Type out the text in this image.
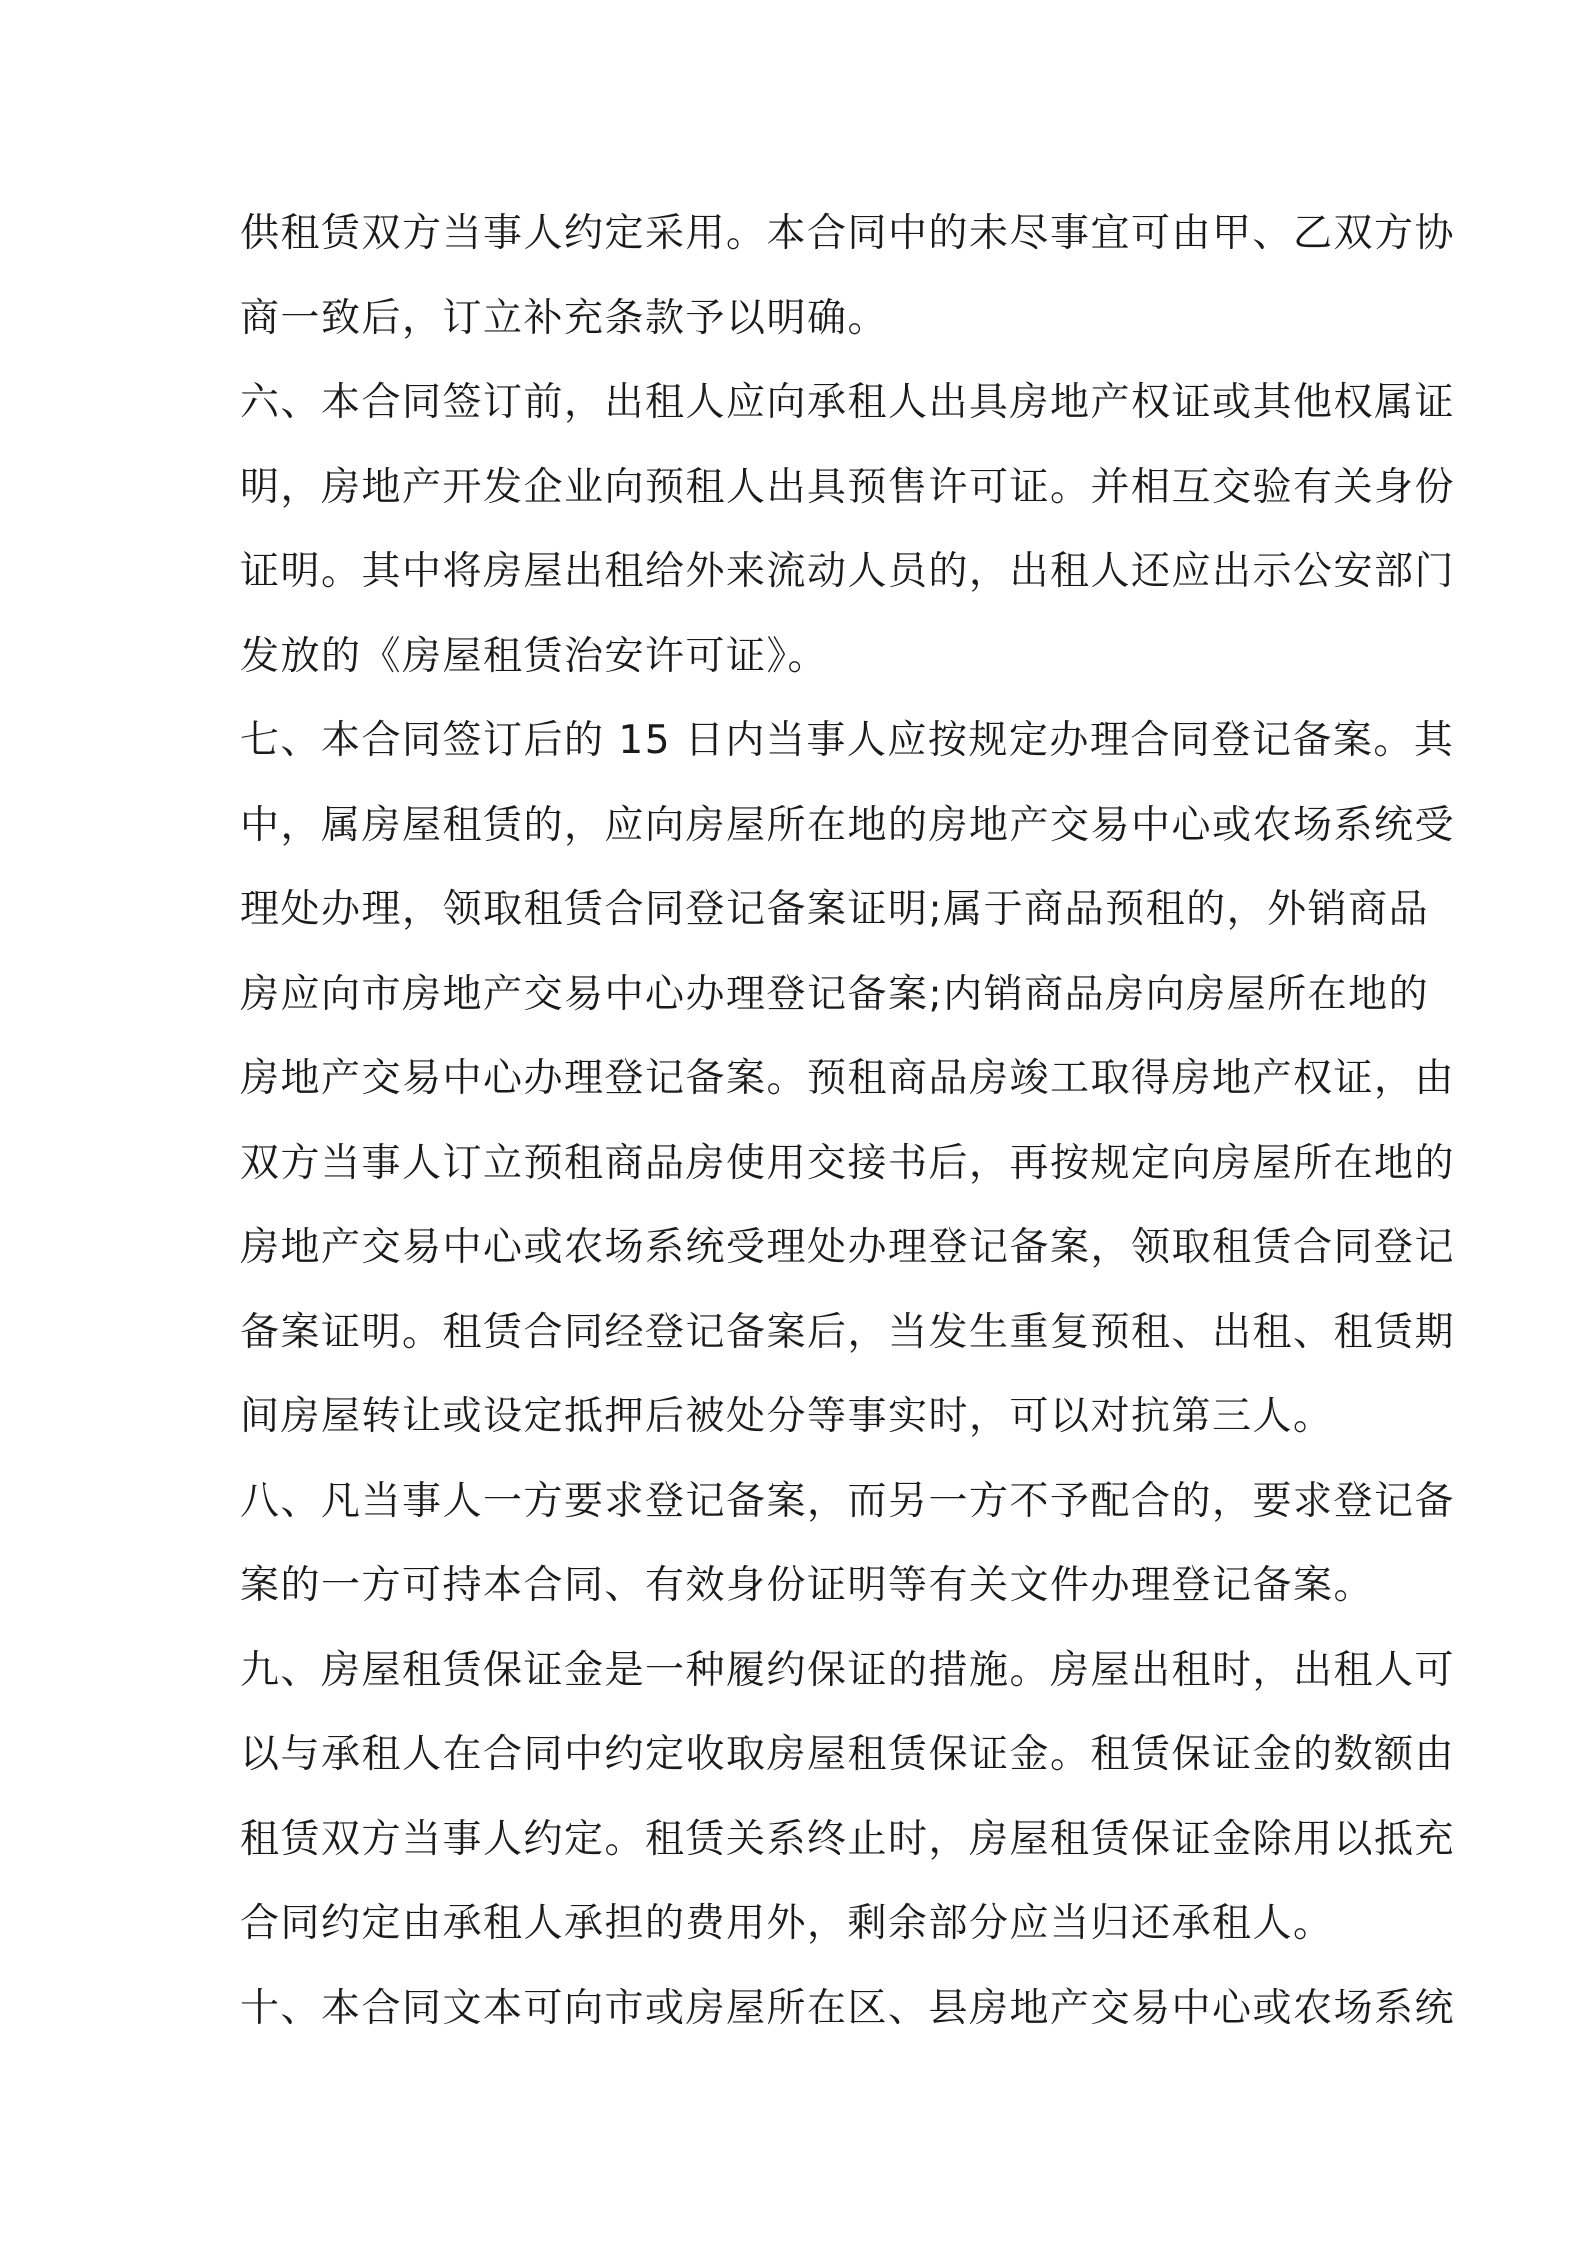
供租赁双方当事人约定采用。本合同中的未尽事宜可由甲、乙双方协
商一致后，订立补充条款予以明确。
六、本合同签订前，出租人应向承租人出具房地产权证或其他权属证
明，房地产开发企业向预租人出具预售许可证。并相互交验有关身份
证明。其中将房屋出租给外来流动人员的，出租人还应出示公安部门
发放的《房屋租赁治安许可证》。
七、本合同签订后的 15 日内当事人应按规定办理合同登记备案。其
中，属房屋租赁的，应向房屋所在地的房地产交易中心或农场系统受
理处办理，领取租赁合同登记备案证明;属于商品预租的，外销商品
房应向市房地产交易中心办理登记备案;内销商品房向房屋所在地的
房地产交易中心办理登记备案。预租商品房竣工取得房地产权证，由
双方当事人订立预租商品房使用交接书后，再按规定向房屋所在地的
房地产交易中心或农场系统受理处办理登记备案，领取租赁合同登记
备案证明。租赁合同经登记备案后，当发生重复预租、出租、租赁期
间房屋转让或设定抵押后被处分等事实时，可以对抗第三人。
八、凡当事人一方要求登记备案，而另一方不予配合的，要求登记备
案的一方可持本合同、有效身份证明等有关文件办理登记备案。
九、房屋租赁保证金是一种履约保证的措施。房屋出租时，出租人可
以与承租人在合同中约定收取房屋租赁保证金。租赁保证金的数额由
租赁双方当事人约定。租赁关系终止时，房屋租赁保证金除用以抵充
合同约定由承租人承担的费用外，剩余部分应当归还承租人。
十、本合同文本可向市或房屋所在区、县房地产交易中心或农场系统
